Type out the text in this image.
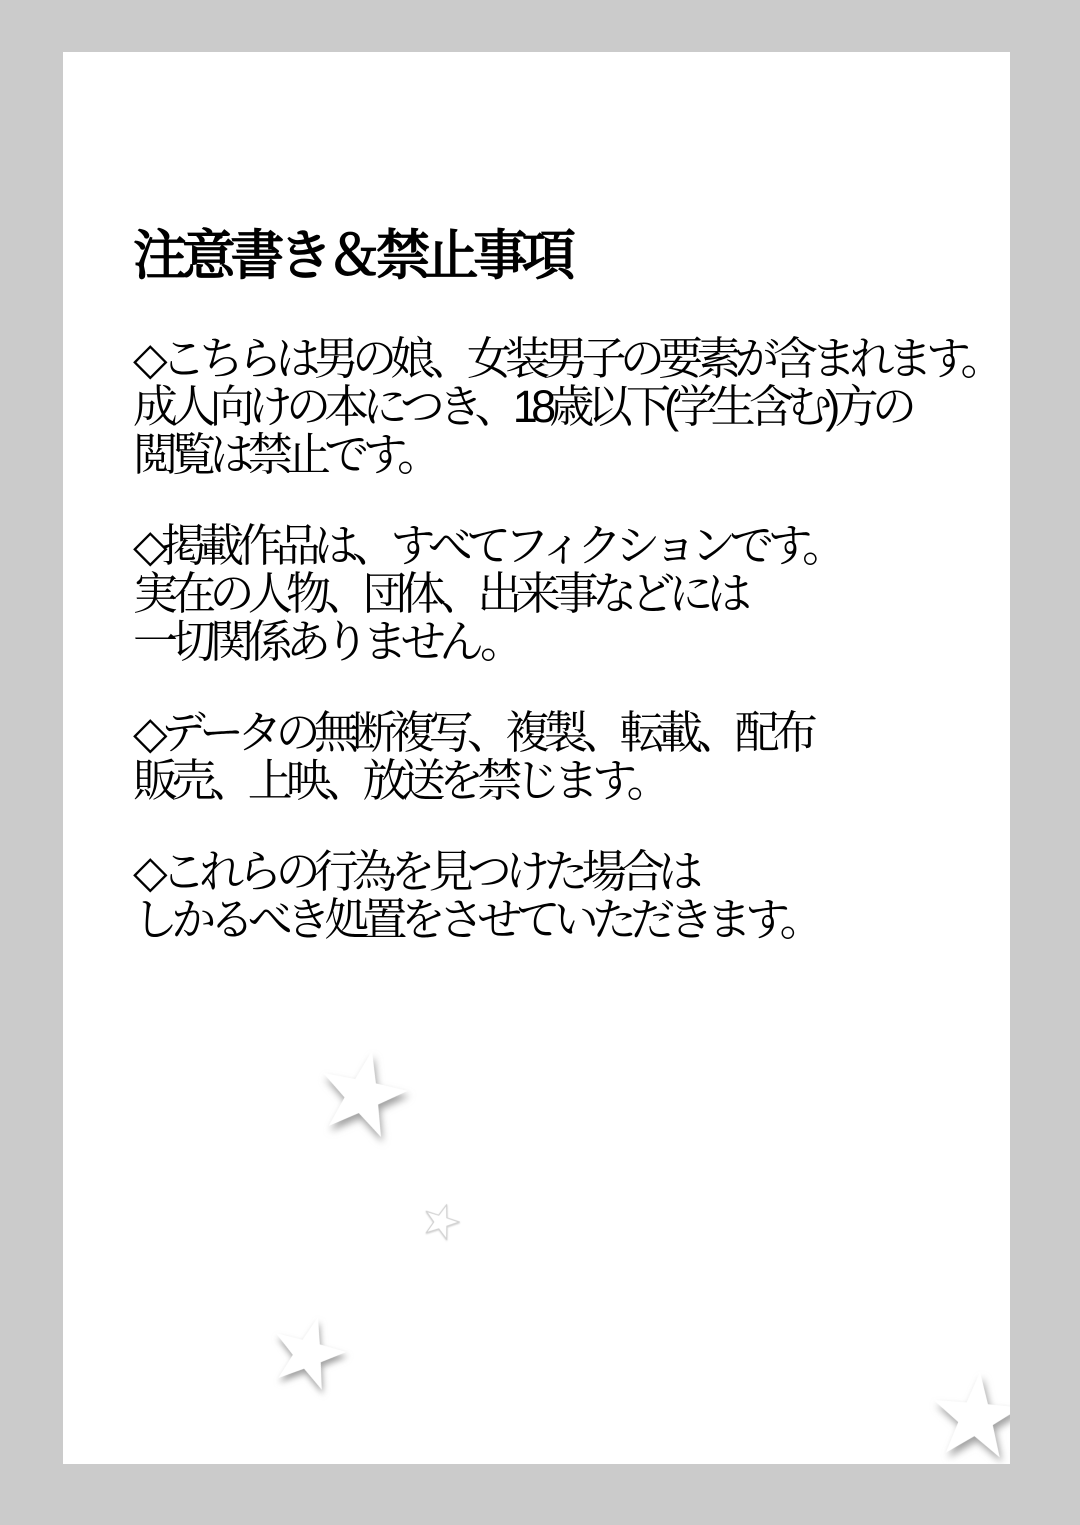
注意書き＆禁止事項

◇こちらは男の娘、女装男子の要素が含まれます。
成人向けの本につき、18歳以下(学生含む)方の
閲覧は禁止です。

◇掲載作品は、すべてフィクションです。
実在の人物、団体、出来事などには
一切関係ありません。

◇データの無断複写、複製、転載、配布
販売、上映、放送を禁じます。

◇これらの行為を見つけた場合は
しかるべき処置をさせていただきます。
